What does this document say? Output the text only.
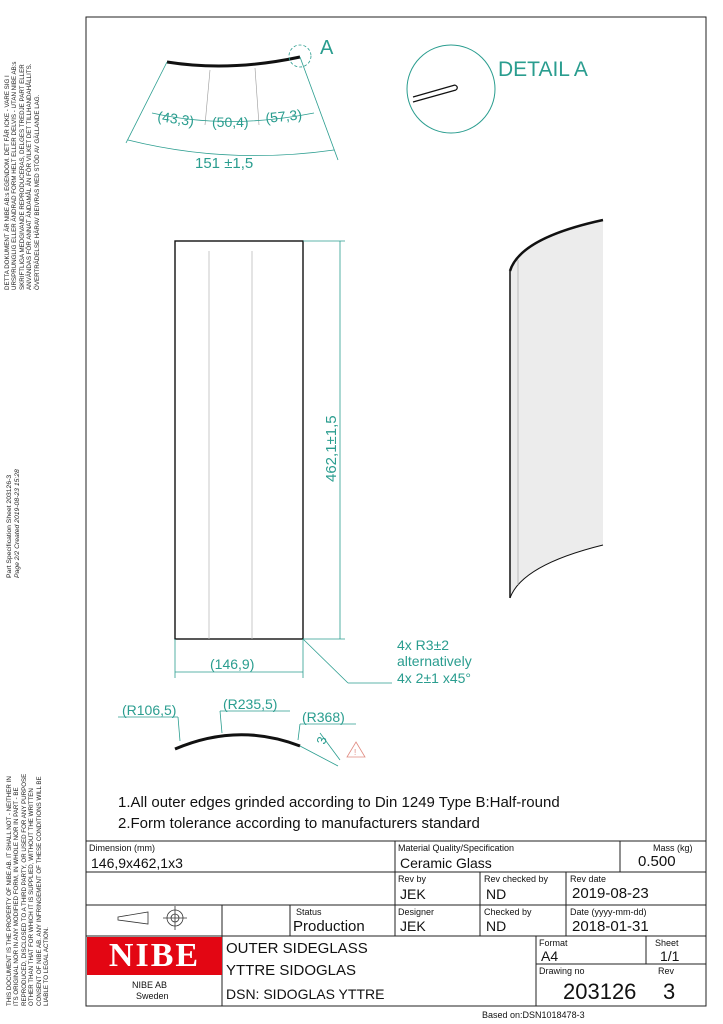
DETTA DOKUMENT ÄR NIBE AB:s EGENDOM. DET FÅR ICKE - VARE SIG I URSPRUNGLIG ELLER ÄNDRAD FORM HELT ELLER DELVIS - UTAN NIBE AB:s SKRIFTLIGA MEDGIVANDE REPRODUCERAS, DELGES TREDJE PART ELLER ANVÄNDAS FÖR ANNAT ÄNDAMÅL ÄN FÖR VILKET DET TILLHANDAHÅLLITS. ÖVERTRÄDELSE HÄRAV BEIVRAS MED STÖD AV GÄLLANDE LAG.
Part Specification Sheet 203126-3 Page 2/2 Created 2019-08-23 15:28
THIS DOCUMENT IS THE PROPERTY OF NIBE AB. IT SHALL NOT - NEITHER IN ITS ORIGINAL NOR IN ANY MODIFIED FORM, IN WHOLE NOR IN PART - BE REPRODUCED, DISCLOSED TO A THIRD PARTY, OR USED FOR ANY PURPOSE OTHER THAN THAT FOR WHICH IT IS SUPPLIED, WITHOUT THE WRITTEN CONSENT OF NIBE AB. ANY INFRINGEMENT OF THESE CONDITIONS WILL BE LIABLE TO LEGAL ACTION.
A
(43,3) (50,4) (57,3)
151 ±1,5
DETAIL A
462,1±1,5
(146,9)
4x R3±2
alternatively
4x 2±1 x45°
(R106,5)	(R235,5)
(R368)
3
!
1.All outer edges grinded according to Din 1249 Type B:Half-round
2.Form tolerance according to manufacturers standard
Dimension (mm)
146,9x462,1x3
Material Quality/Specification
Ceramic Glass
Mass (kg)
0.500
Rev by
JEK
Rev checked by
ND
Rev date
2019-08-23
Status
Production
Designer
JEK
Checked by
ND
Date (yyyy-mm-dd)
2018-01-31
NIBE
NIBE AB
Sweden
OUTER SIDEGLASS
YTTRE SIDOGLAS
DSN: SIDOGLAS YTTRE
Format
A4
Sheet
1/1
Drawing no
203126
Rev
3
Based on:DSN1018478-3
